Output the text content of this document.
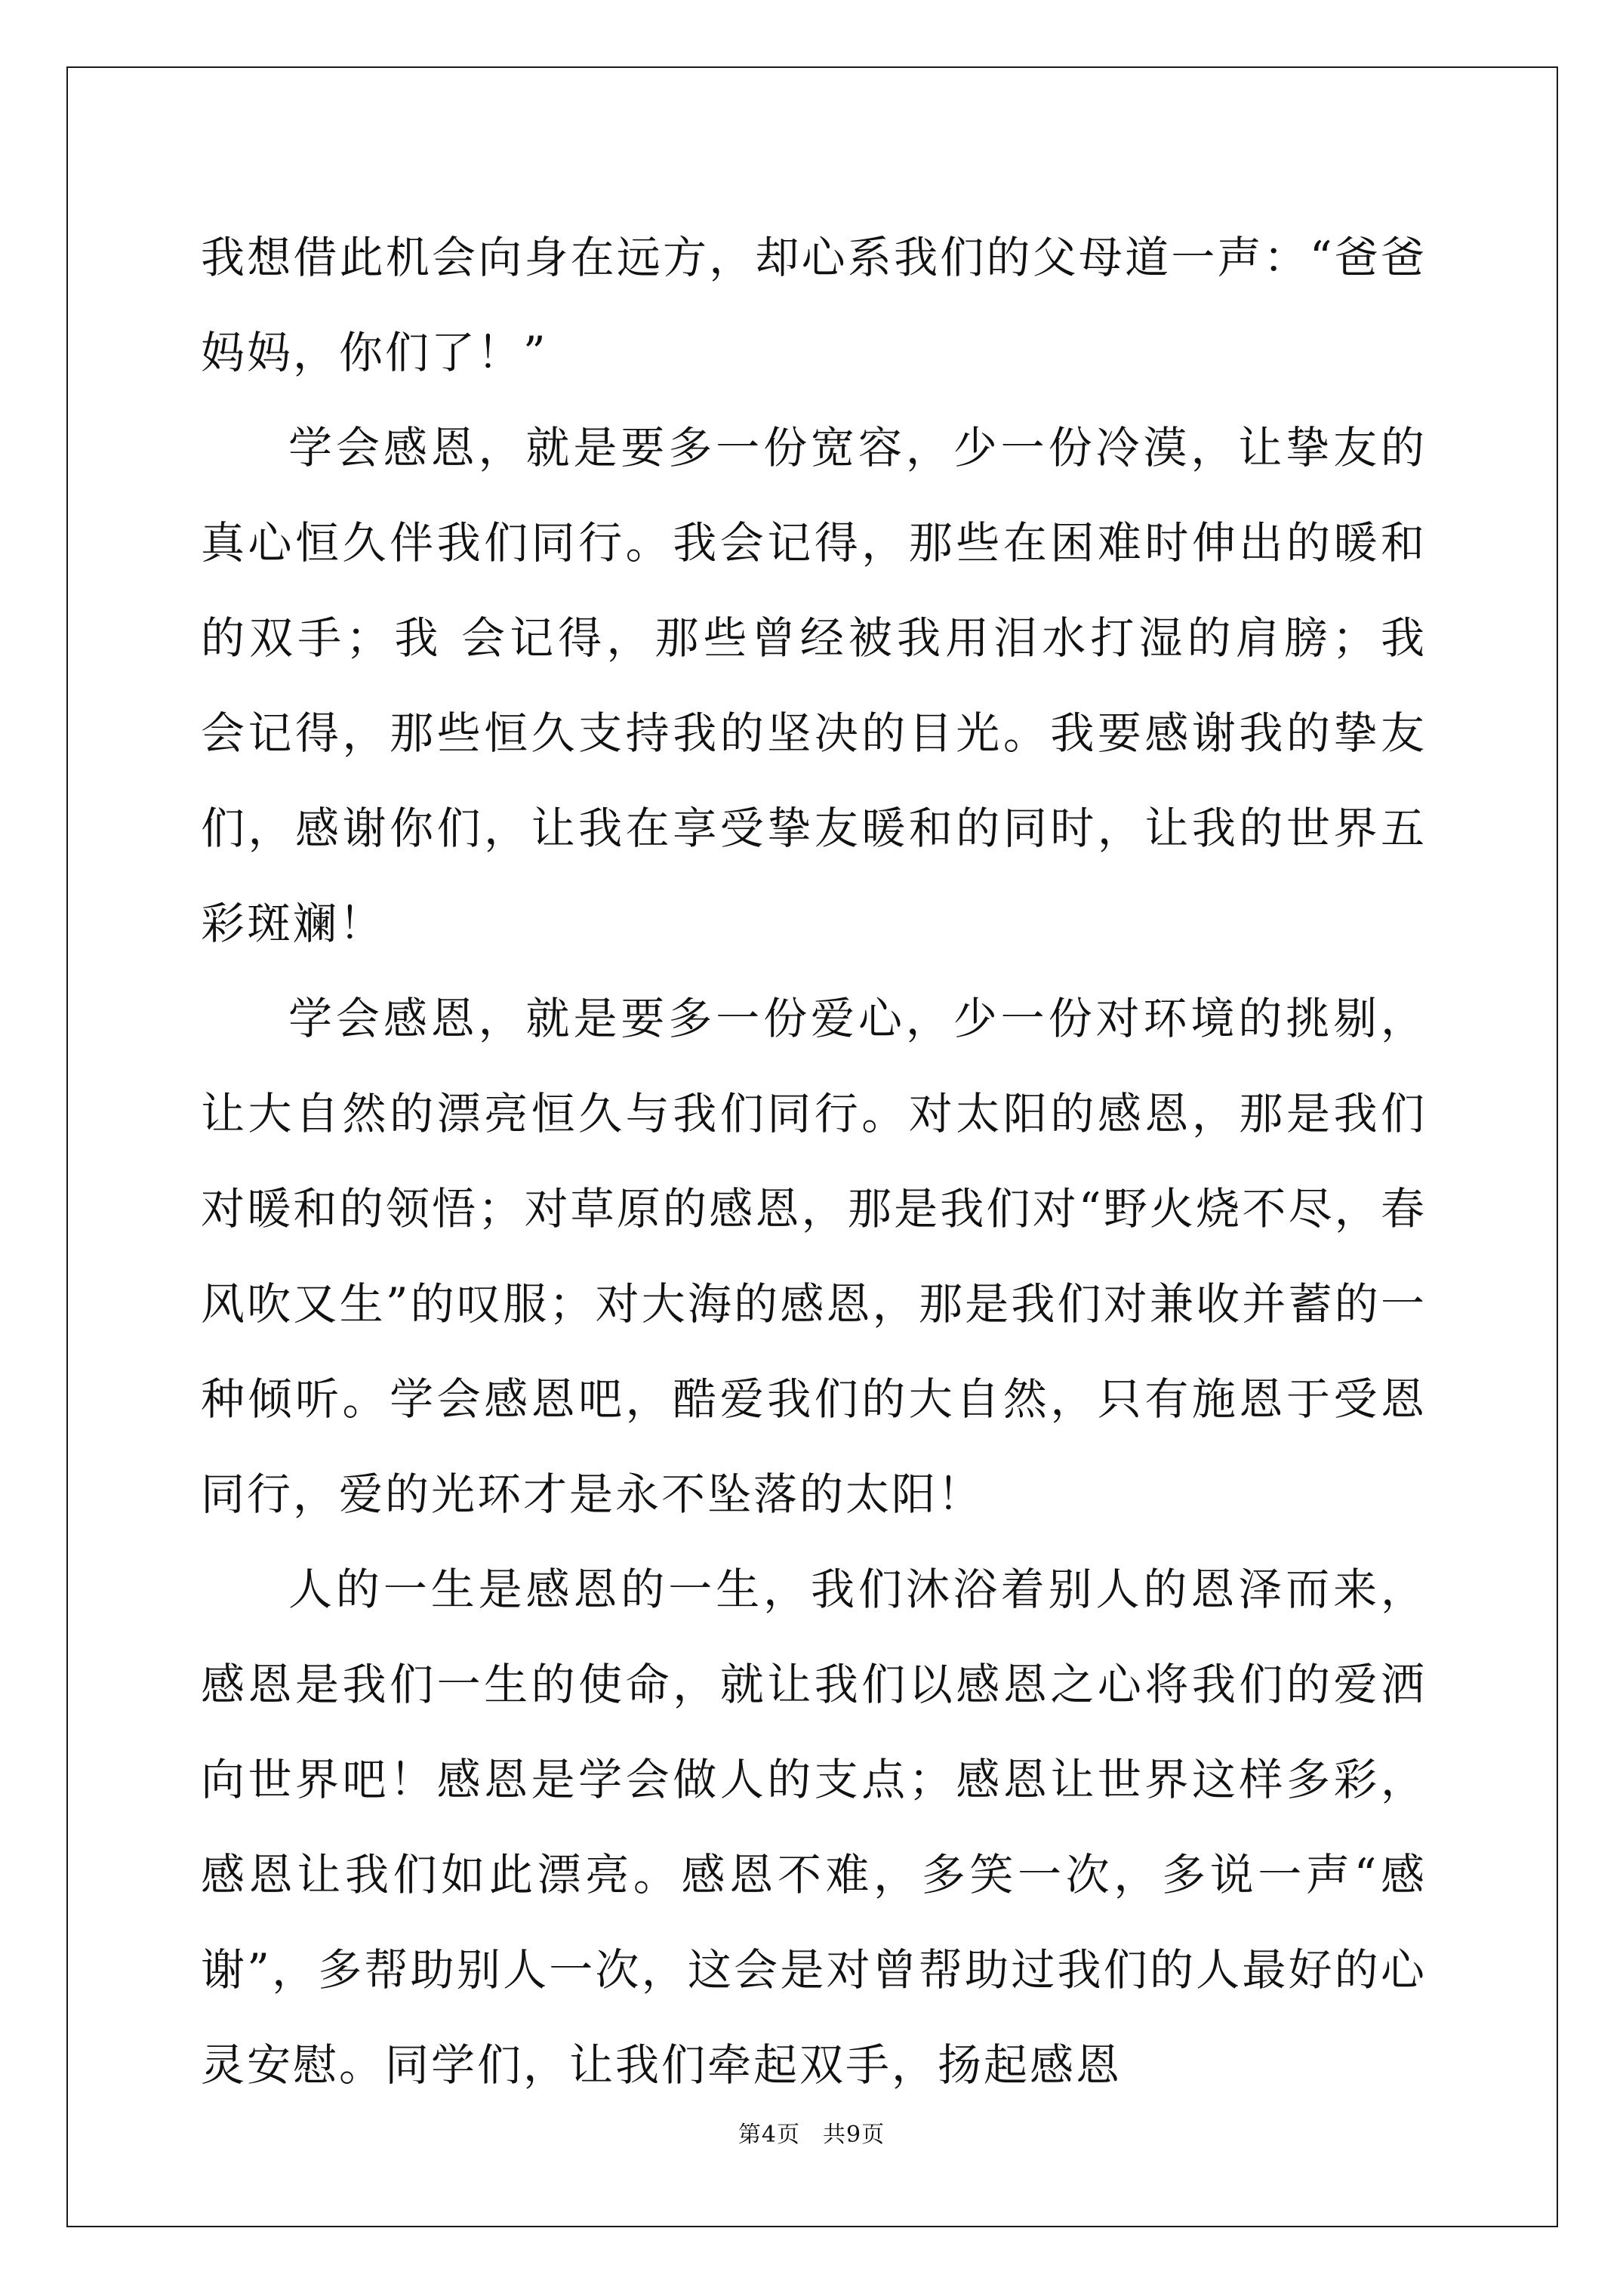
我想借此机会向身在远方，却心系我们的父母道一声：“爸爸妈妈，你们了！”

学会感恩，就是要多一份宽容，少一份冷漠，让挚友的真心恒久伴我们同行。我会记得，那些在困难时伸出的暖和的双手；我 会记得，那些曾经被我用泪水打湿的肩膀；我 会记得，那些恒久支持我的坚决的目光。我要感谢我的挚友们，感谢你们，让我在享受挚友暖和的同时，让我的世界五彩斑斓！

学会感恩，就是要多一份爱心，少一份对环境的挑剔，让大自然的漂亮恒久与我们同行。对太阳的感恩，那是我们对暖和的领悟；对草原的感恩，那是我们对“野火烧不尽，春风吹又生”的叹服；对大海的感恩，那是我们对兼收并蓄的一种倾听。学会感恩吧，酷爱我们的大自然，只有施恩于受恩同行，爱的光环才是永不坠落的太阳！

人的一生是感恩的一生，我们沐浴着别人的恩泽而来，感恩是我们一生的使命，就让我们以感恩之心将我们的爱洒向世界吧！感恩是学会做人的支点；感恩让世界这样多彩，感恩让我们如此漂亮。感恩不难，多笑一次，多说一声“感谢”，多帮助别人一次，这会是对曾帮助过我们的人最好的心灵安慰。同学们，让我们牵起双手，扬起感恩

第4页 共9页
